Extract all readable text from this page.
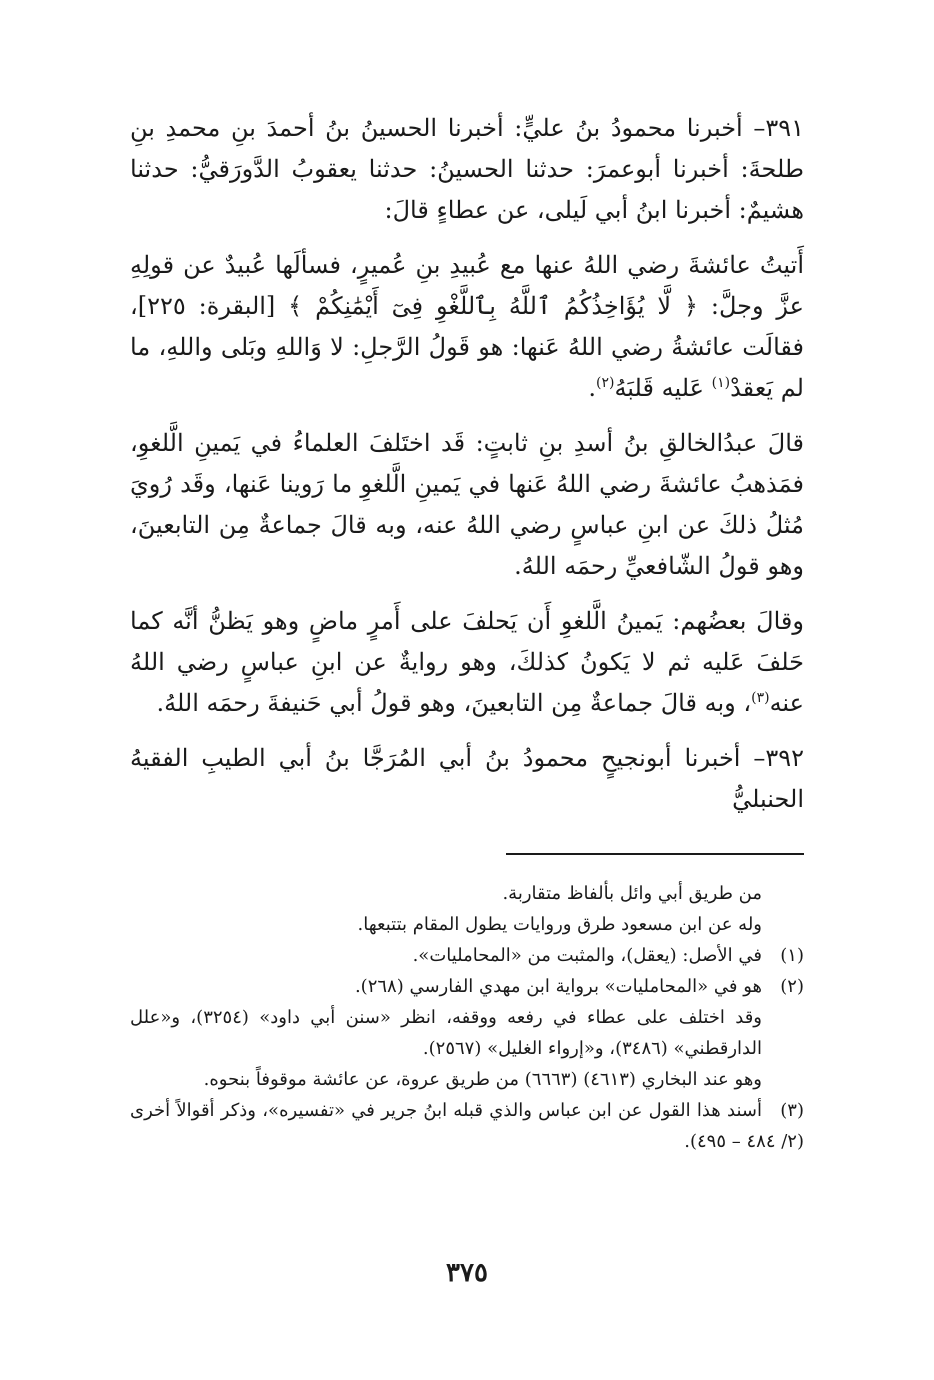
٣٩١– أخبرنا محمودُ بنُ عليٍّ: أخبرنا الحسينُ بنُ أحمدَ بنِ محمدِ بنِ طلحةَ: أخبرنا أبوعمرَ: حدثنا الحسينُ: حدثنا يعقوبُ الدَّورَقيُّ: حدثنا هشيمٌ: أخبرنا ابنُ أبي لَيلى، عن عطاءٍ قالَ:

أَتيتُ عائشةَ رضي اللهُ عنها مع عُبيدِ بنِ عُميرٍ، فسألَها عُبيدٌ عن قولِهِ عزَّ وجلَّ: ﴿ لَّا يُؤَاخِذُكُمُ ٱللَّهُ بِٱللَّغْوِ فِىٓ أَيْمَٰنِكُمْ ﴾ [البقرة: ٢٢٥]، فقالَت عائشةُ رضي اللهُ عَنها: هو قَولُ الرَّجلِ: لا وَاللهِ وبَلى واللهِ، ما لم يَعقدْ$^{(١)}$ عَليه قَلبَهُ$^{(٢)}$.

قالَ عبدُالخالقِ بنُ أسدِ بنِ ثابتٍ: قَد اختَلفَ العلماءُ في يَمينِ الَّلغوِ، فمَذهبُ عائشةَ رضي اللهُ عَنها في يَمينِ الَّلغوِ ما رَوينا عَنها، وقَد رُويَ مُثلُ ذلكَ عن ابنِ عباسٍ رضي اللهُ عنه، وبه قالَ جماعةٌ مِن التابعينَ، وهو قولُ الشّافعيِّ رحمَه اللهُ.

وقالَ بعضُهم: يَمينُ الَّلغوِ أَن يَحلفَ على أَمرٍ ماضٍ وهو يَظنُّ أنَّه كما حَلفَ عَليه ثم لا يَكونُ كذلكَ، وهو روايةٌ عن ابنِ عباسٍ رضي اللهُ عنه$^{(٣)}$، وبه قالَ جماعةٌ مِن التابعينَ، وهو قولُ أبي حَنيفةَ رحمَه اللهُ.

٣٩٢– أخبرنا أبونجيحٍ محمودُ بنُ أبي المُرَجَّا بنُ أبي الطيبِ الفقيهُ الحنبليُّ

من طريق أبي وائل بألفاظ متقاربة.

وله عن ابن مسعود طرق وروايات يطول المقام بتتبعها.

(١)في الأصل: (يعقل)، والمثبت من «المحامليات».

(٢)هو في «المحامليات» برواية ابن مهدي الفارسي (٢٦٨).

وقد اختلف على عطاء في رفعه ووقفه، انظر «سنن أبي داود» (٣٢٥٤)، و«علل الدارقطني» (٣٤٨٦)، و«إرواء الغليل» (٢٥٦٧).

وهو عند البخاري (٤٦١٣) (٦٦٦٣) من طريق عروة، عن عائشة موقوفاً بنحوه.

(٣)أسند هذا القول عن ابن عباس والذي قبله ابنُ جرير في «تفسيره»، وذكر أقوالاً أخرى (٢/ ٤٨٤ – ٤٩٥).

٣٧٥
